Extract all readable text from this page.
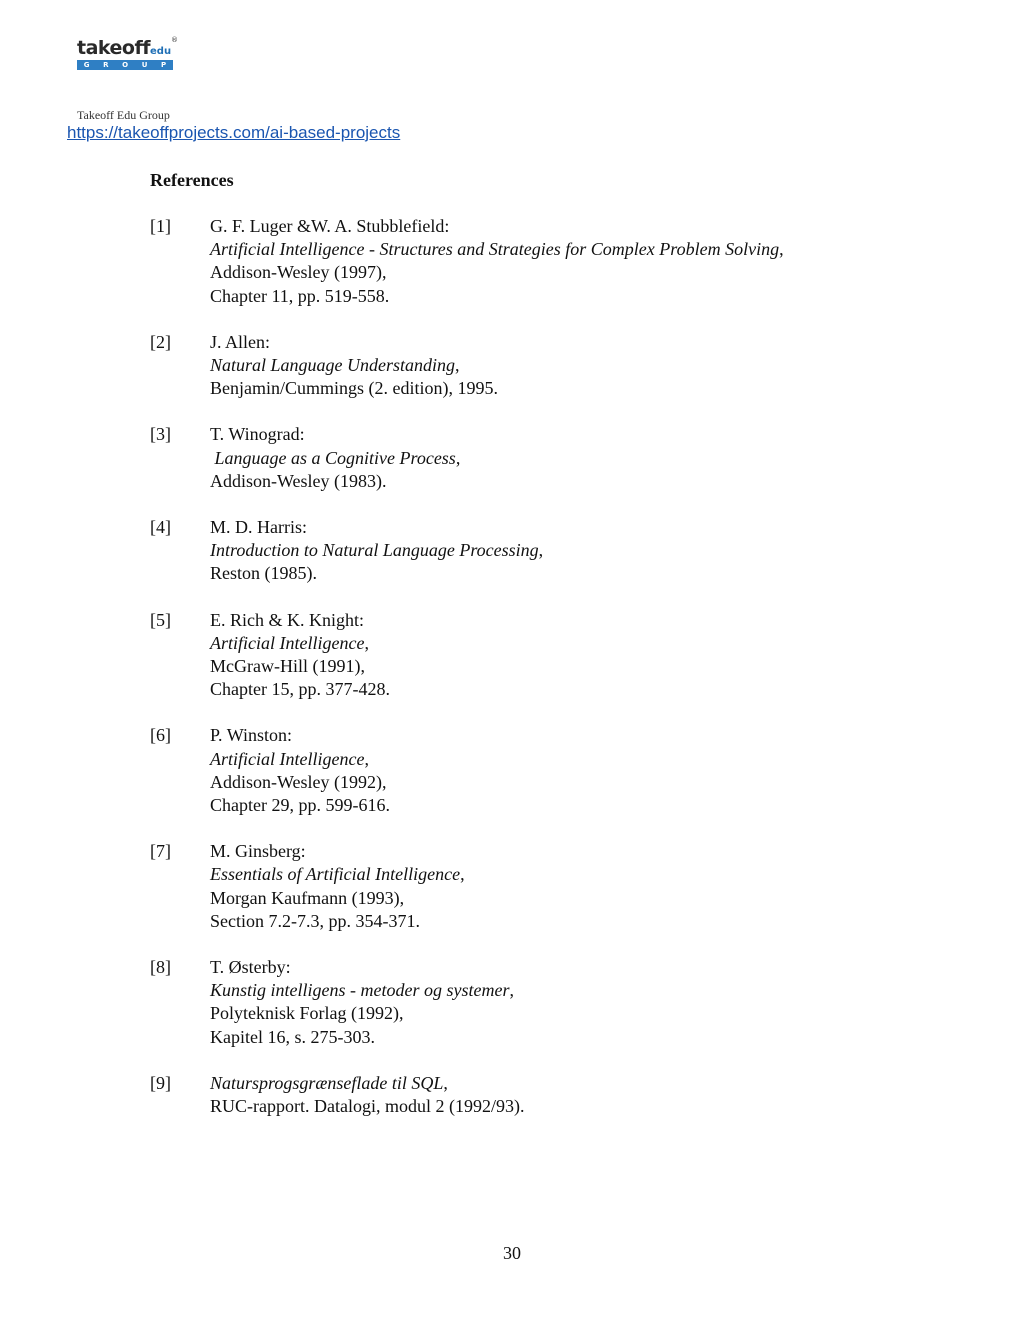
takeoffedu
®
G R O U P
Takeoff Edu Group
https://takeoffprojects.com/ai-based-projects
References
[1]	G. F. Luger &W. A. Stubblefield:
Artificial Intelligence - Structures and Strategies for Complex Problem Solving,
Addison-Wesley (1997),
Chapter 11, pp. 519-558.
[2]	J. Allen:
Natural Language Understanding,
Benjamin/Cummings (2. edition), 1995.
[3]	T. Winograd:
Language as a Cognitive Process,
Addison-Wesley (1983).
[4]	M. D. Harris:
Introduction to Natural Language Processing,
Reston (1985).
[5]	E. Rich & K. Knight:
Artificial Intelligence,
McGraw-Hill (1991),
Chapter 15, pp. 377-428.
[6]	P. Winston:
Artificial Intelligence,
Addison-Wesley (1992),
Chapter 29, pp. 599-616.
[7]	M. Ginsberg:
Essentials of Artificial Intelligence,
Morgan Kaufmann (1993),
Section 7.2-7.3, pp. 354-371.
[8]	T. Østerby:
Kunstig intelligens - metoder og systemer,
Polyteknisk Forlag (1992),
Kapitel 16, s. 275-303.
[9]	Natursprogsgrænseflade til SQL,
RUC-rapport. Datalogi, modul 2 (1992/93).
30
